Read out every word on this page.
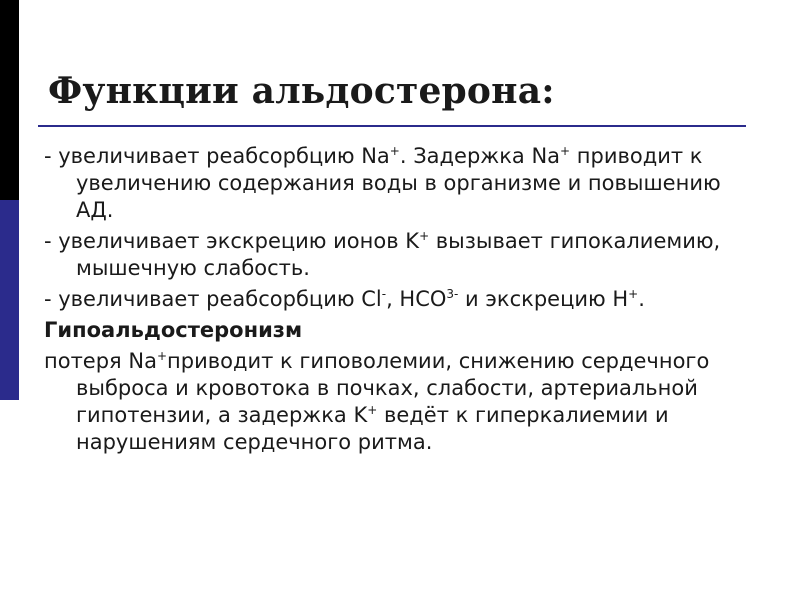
Функции альдостерона:

- увеличивает реабсорбцию Na+. Задержка Na+ приводит к увеличению содержания воды в организме и повышению АД.

- увеличивает экскрецию ионов K+ вызывает гипокалиемию, мышечную слабость.

- увеличивает реабсорбцию Cl-, $HCO^{3-}$ и экскрецию H+.

Гипоальдостеронизм

потеря Na+приводит к гиповолемии, снижению сердечного выброса и кровотока в почках, слабости, артериальной гипотензии, а задержка K+ ведёт к гиперкалиемии и нарушениям сердечного ритма.
